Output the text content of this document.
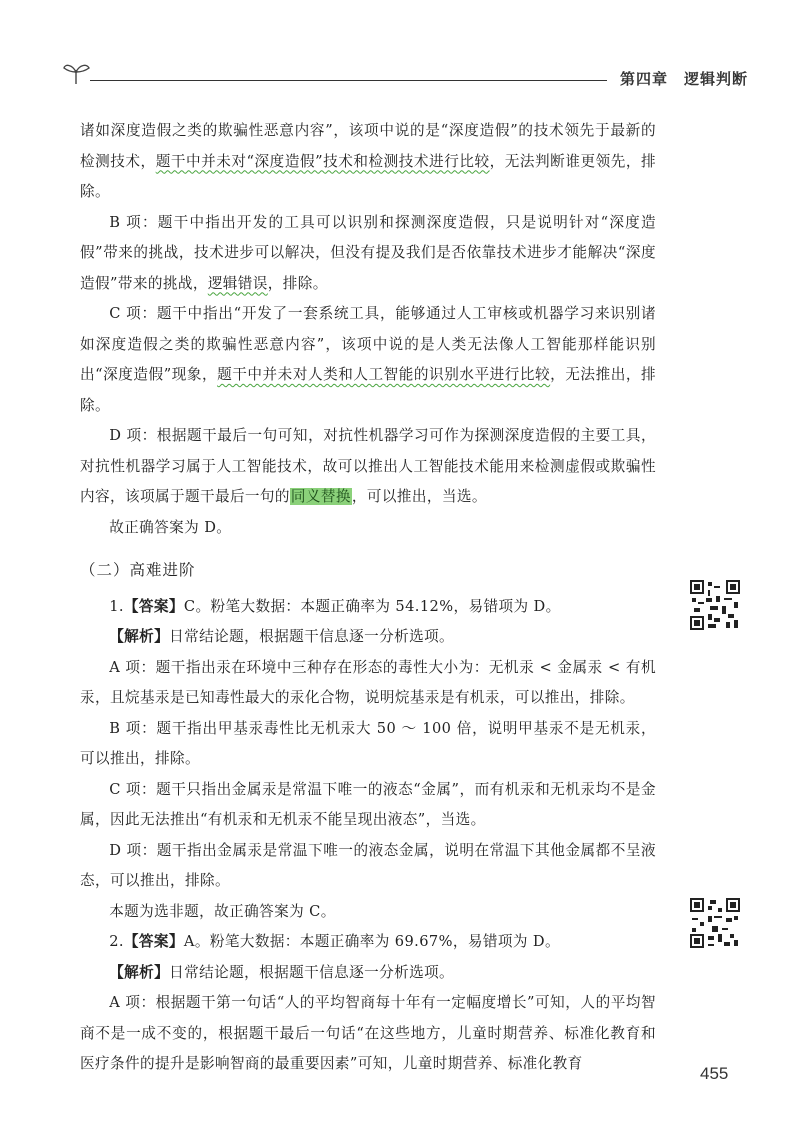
第四章　逻辑判断

诸如深度造假之类的欺骗性恶意内容”，该项中说的是“深度造假”的技术领先于最新的检测技术，题干中并未对“深度造假”技术和检测技术进行比较，无法判断谁更领先，排除。

B 项：题干中指出开发的工具可以识别和探测深度造假，只是说明针对“深度造假”带来的挑战，技术进步可以解决，但没有提及我们是否依靠技术进步才能解决“深度造假”带来的挑战，逻辑错误，排除。

C 项：题干中指出“开发了一套系统工具，能够通过人工审核或机器学习来识别诸如深度造假之类的欺骗性恶意内容”，该项中说的是人类无法像人工智能那样能识别出“深度造假”现象，题干中并未对人类和人工智能的识别水平进行比较，无法推出，排除。

D 项：根据题干最后一句可知，对抗性机器学习可作为探测深度造假的主要工具，对抗性机器学习属于人工智能技术，故可以推出人工智能技术能用来检测虚假或欺骗性内容，该项属于题干最后一句的同义替换，可以推出，当选。

故正确答案为 D。

（二）高难进阶

1.【答案】C。粉笔大数据：本题正确率为 54.12%，易错项为 D。

【解析】日常结论题，根据题干信息逐一分析选项。

A 项：题干指出汞在环境中三种存在形态的毒性大小为：无机汞 < 金属汞 < 有机汞，且烷基汞是已知毒性最大的汞化合物，说明烷基汞是有机汞，可以推出，排除。

B 项：题干指出甲基汞毒性比无机汞大 50 ～ 100 倍，说明甲基汞不是无机汞，可以推出，排除。

C 项：题干只指出金属汞是常温下唯一的液态“金属”，而有机汞和无机汞均不是金属，因此无法推出“有机汞和无机汞不能呈现出液态”，当选。

D 项：题干指出金属汞是常温下唯一的液态金属，说明在常温下其他金属都不呈液态，可以推出，排除。

本题为选非题，故正确答案为 C。

2.【答案】A。粉笔大数据：本题正确率为 69.67%，易错项为 D。

【解析】日常结论题，根据题干信息逐一分析选项。

A 项：根据题干第一句话“人的平均智商每十年有一定幅度增长”可知，人的平均智商不是一成不变的，根据题干最后一句话“在这些地方，儿童时期营养、标准化教育和医疗条件的提升是影响智商的最重要因素”可知，儿童时期营养、标准化教育

455
